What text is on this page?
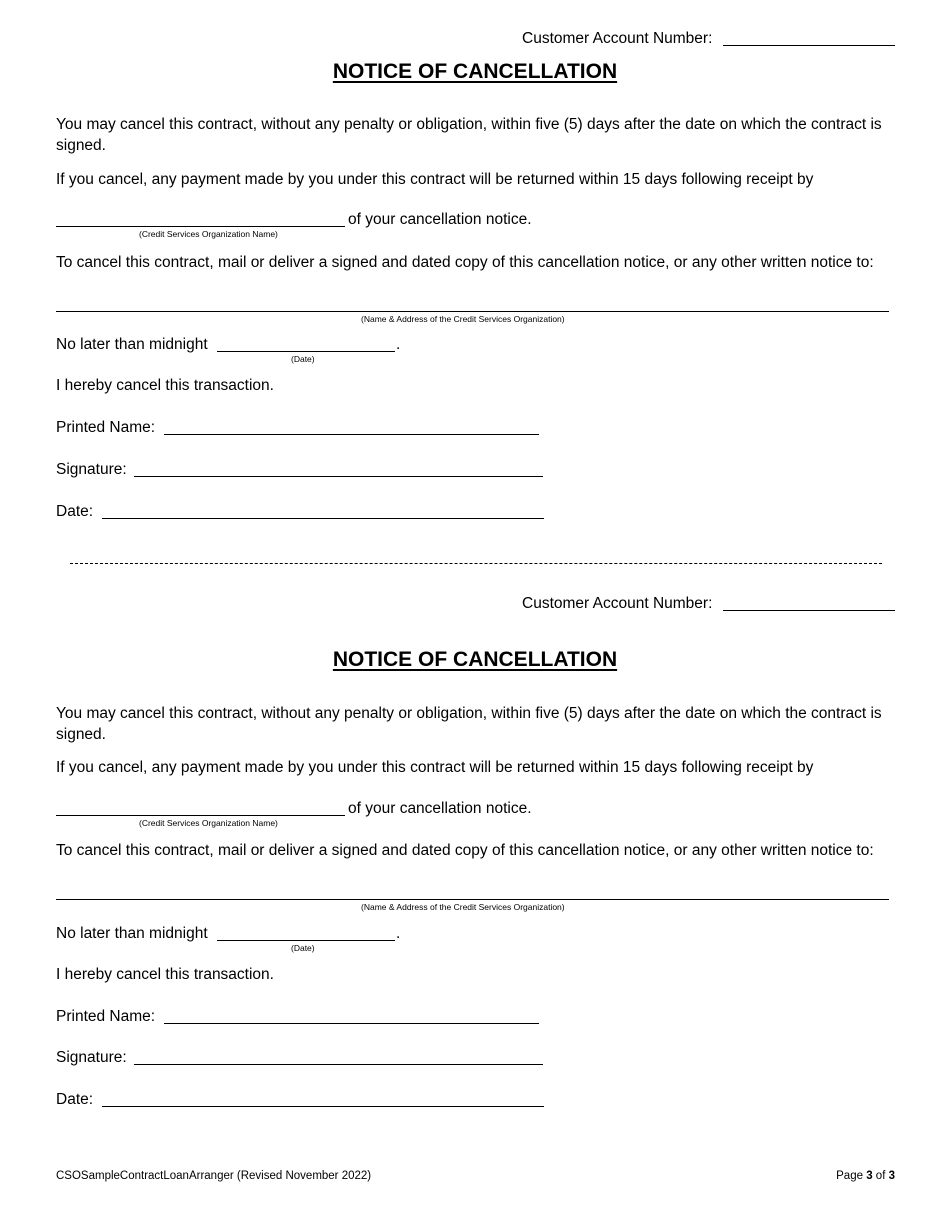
Customer Account Number:
NOTICE OF CANCELLATION
You may cancel this contract, without any penalty or obligation, within five (5) days after the date on which the contract is signed.
If you cancel, any payment made by you under this contract will be returned within 15 days following receipt by
of your cancellation notice.
(Credit Services Organization Name)
To cancel this contract, mail or deliver a signed and dated copy of this cancellation notice, or any other written notice to:
(Name & Address of the Credit Services Organization)
No later than midnight	.
(Date)
I hereby cancel this transaction.
Printed Name:
Signature:
Date:
Customer Account Number:
NOTICE OF CANCELLATION
You may cancel this contract, without any penalty or obligation, within five (5) days after the date on which the contract is signed.
If you cancel, any payment made by you under this contract will be returned within 15 days following receipt by
of your cancellation notice.
(Credit Services Organization Name)
To cancel this contract, mail or deliver a signed and dated copy of this cancellation notice, or any other written notice to:
(Name & Address of the Credit Services Organization)
No later than midnight	.
(Date)
I hereby cancel this transaction.
Printed Name:
Signature:
Date:
CSOSampleContractLoanArranger (Revised November 2022)	Page 3 of 3
